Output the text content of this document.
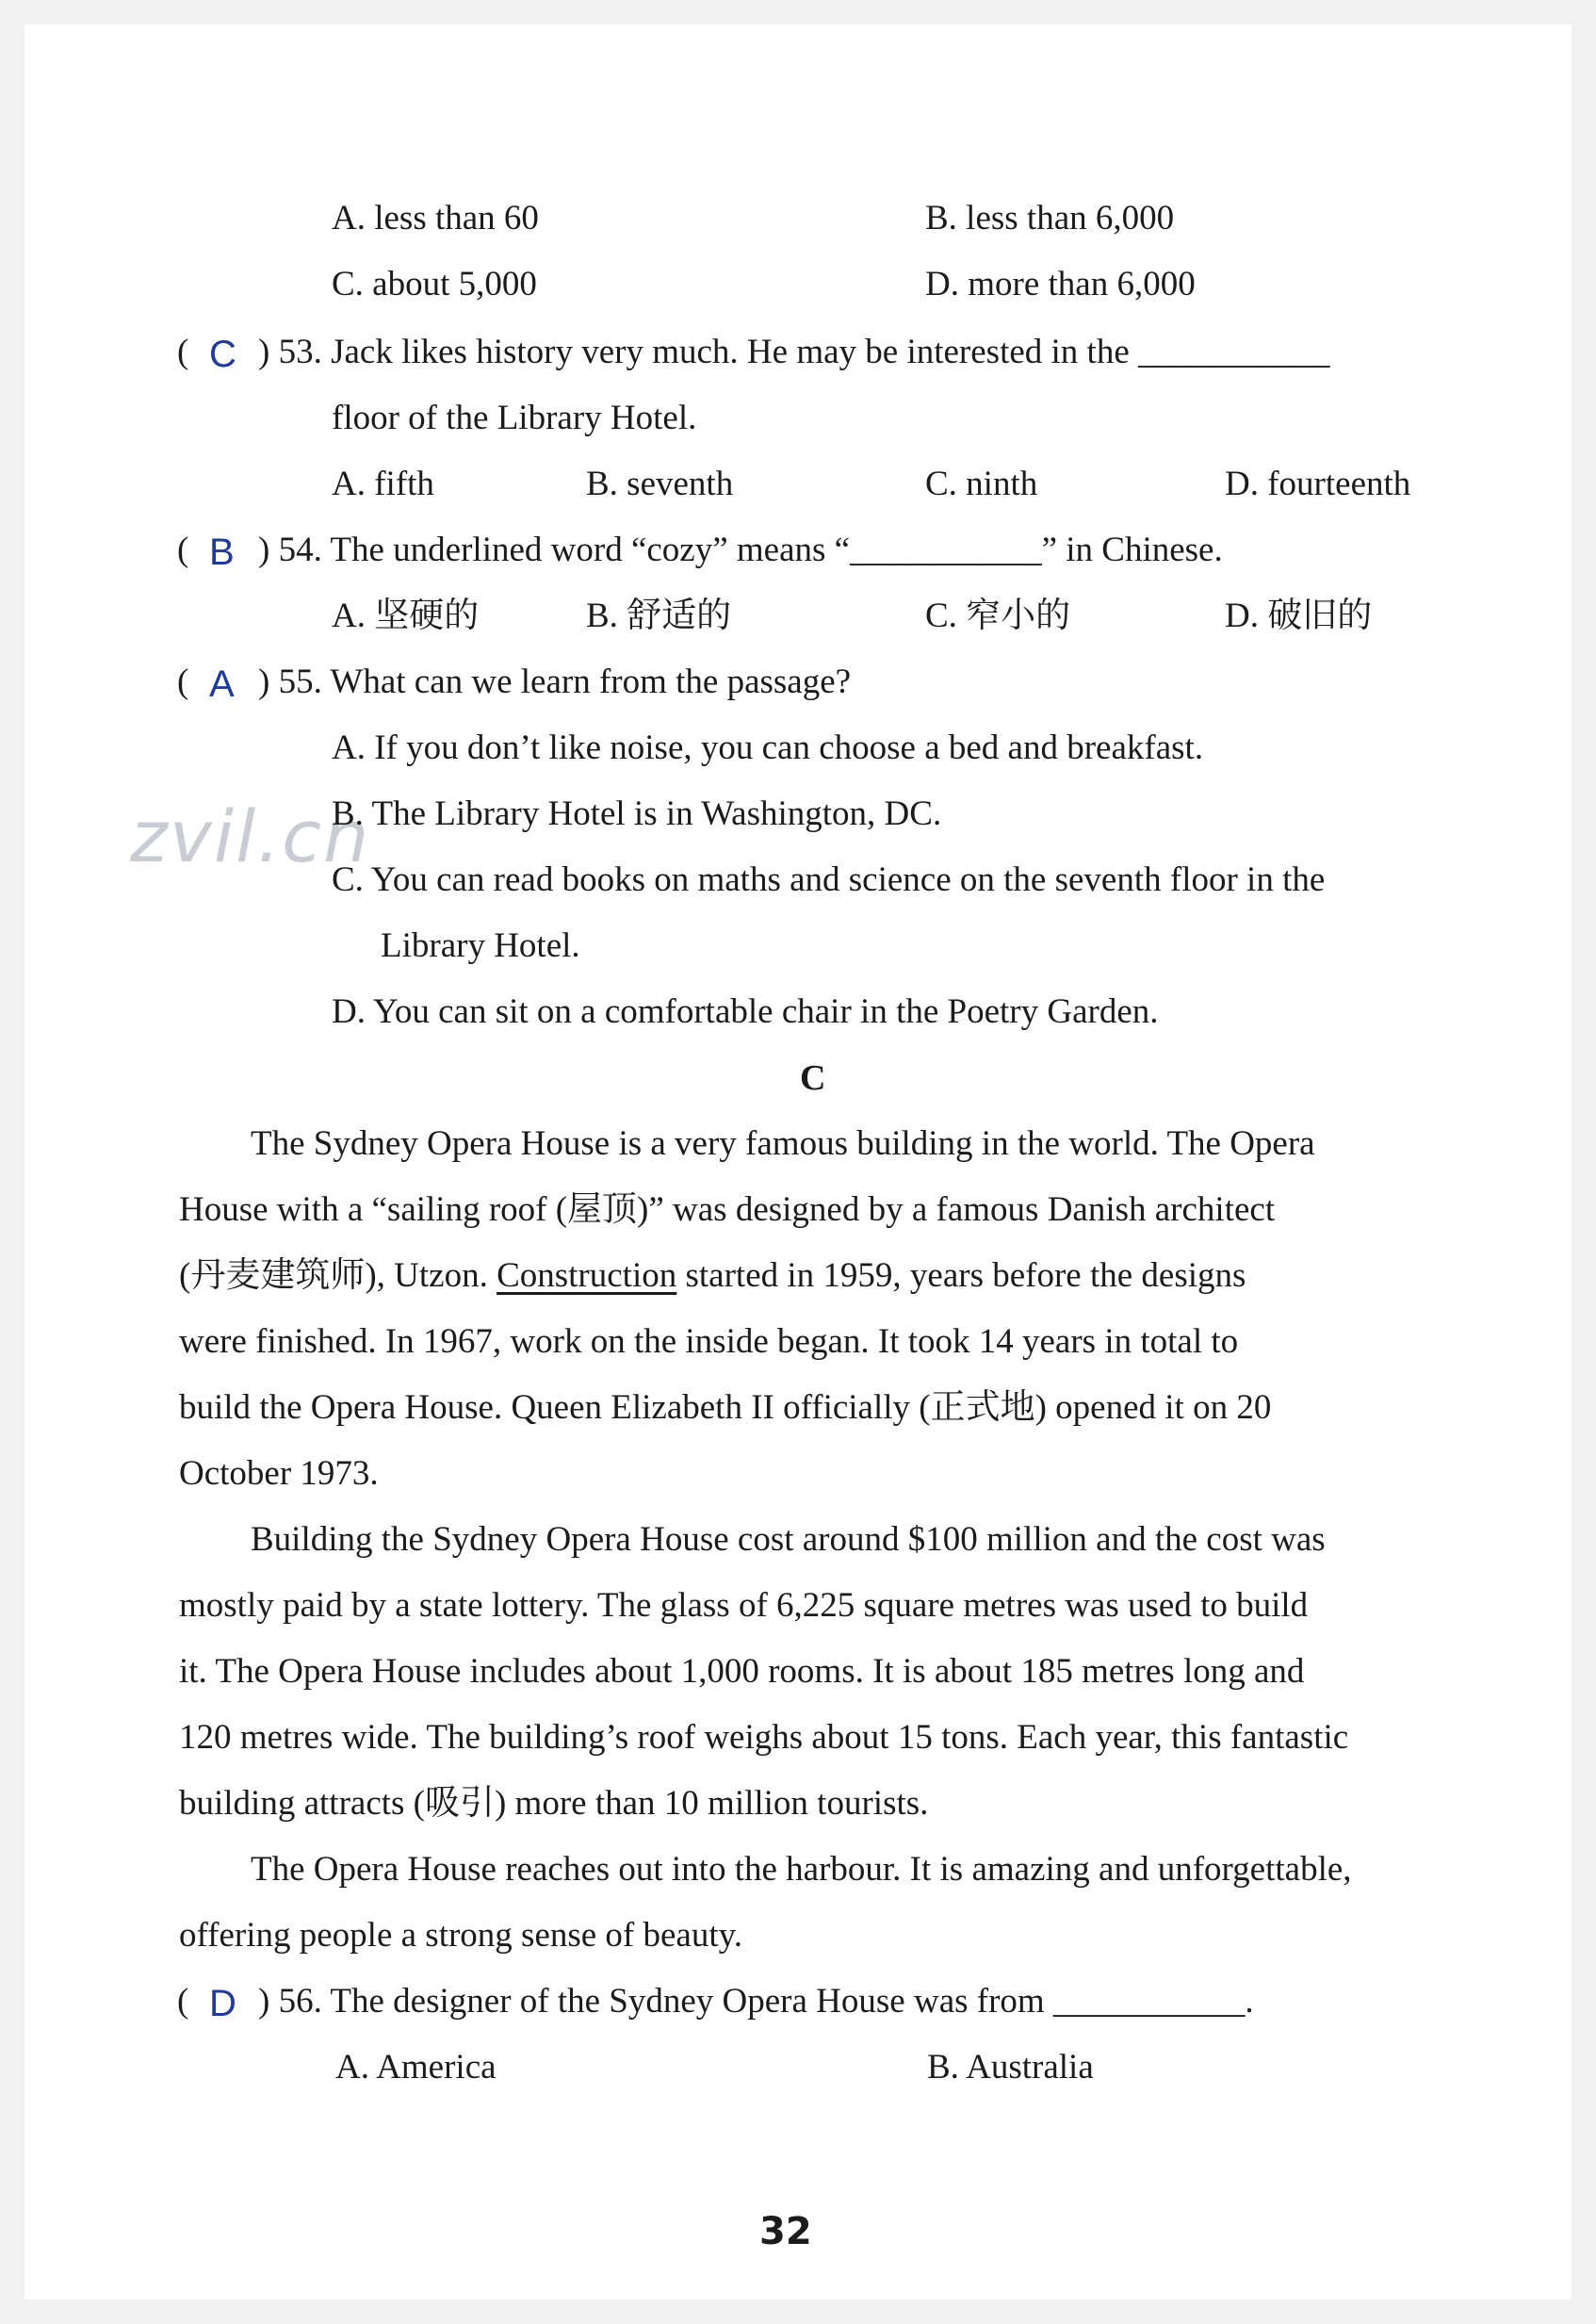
zvil.cn
A. less than 60	B. less than 6,000
C. about 5,000	D. more than 6,000
( C ) 53. Jack likes history very much. He may be interested in the ___________
floor of the Library Hotel.
A. fifth	B. seventh	C. ninth	D. fourteenth
( B ) 54. The underlined word “cozy” means “___________” in Chinese.
A. 坚硬的	B. 舒适的	C. 窄小的	D. 破旧的
( A ) 55. What can we learn from the passage?
A. If you don’t like noise, you can choose a bed and breakfast.
B. The Library Hotel is in Washington, DC.
C. You can read books on maths and science on the seventh floor in the
Library Hotel.
D. You can sit on a comfortable chair in the Poetry Garden.
C
The Sydney Opera House is a very famous building in the world. The Opera
House with a “sailing roof (屋顶)” was designed by a famous Danish architect
(丹麦建筑师), Utzon. Construction started in 1959, years before the designs
were finished. In 1967, work on the inside began. It took 14 years in total to
build the Opera House. Queen Elizabeth II officially (正式地) opened it on 20
October 1973.
Building the Sydney Opera House cost around $100 million and the cost was
mostly paid by a state lottery. The glass of 6,225 square metres was used to build
it. The Opera House includes about 1,000 rooms. It is about 185 metres long and
120 metres wide. The building’s roof weighs about 15 tons. Each year, this fantastic
building attracts (吸引) more than 10 million tourists.
The Opera House reaches out into the harbour. It is amazing and unforgettable,
offering people a strong sense of beauty.
( D ) 56. The designer of the Sydney Opera House was from ___________.
A. America	B. Australia
32
